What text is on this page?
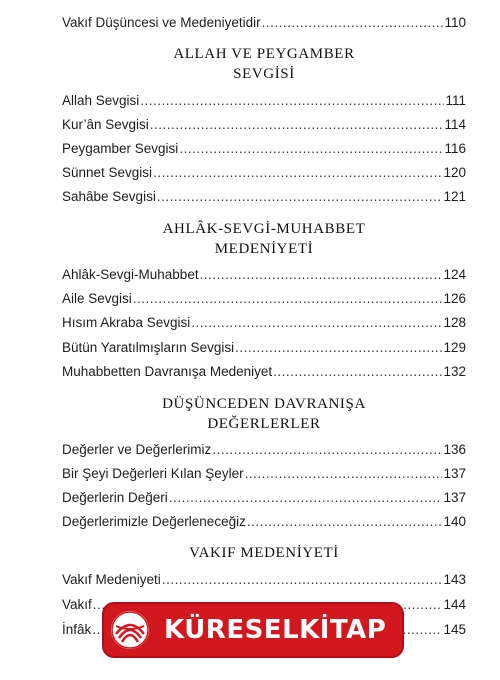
Vakıf Düşüncesi ve Medeniyetidir .....	110
ALLAH VE PEYGAMBER
SEVGİSİ
Allah Sevgisi .....	111
Kur’ân Sevgisi .....	114
Peygamber Sevgisi .....	116
Sünnet Sevgisi .....	120
Sahâbe Sevgisi .....	121
AHLÂK-SEVGİ-MUHABBET
MEDENİYETİ
Ahlâk-Sevgi-Muhabbet .....	124
Aile Sevgisi .....	126
Hısım Akraba Sevgisi .....	128
Bütün Yaratılmışların Sevgisi .....	129
Muhabbetten Davranışa Medeniyet .....	132
DÜŞÜNCEDEN DAVRANIŞA
DEĞERLERLER
Değerler ve Değerlerimiz .....	136
Bir Şeyi Değerleri Kılan Şeyler .....	137
Değerlerin Değeri .....	137
Değerlerimizle Değerleneceğiz .....	140
VAKIF MEDENİYETİ
Vakıf Medeniyeti .....	143
Vakıf .....	144
İnfâk .....	145
KÜRESELKİTAP
